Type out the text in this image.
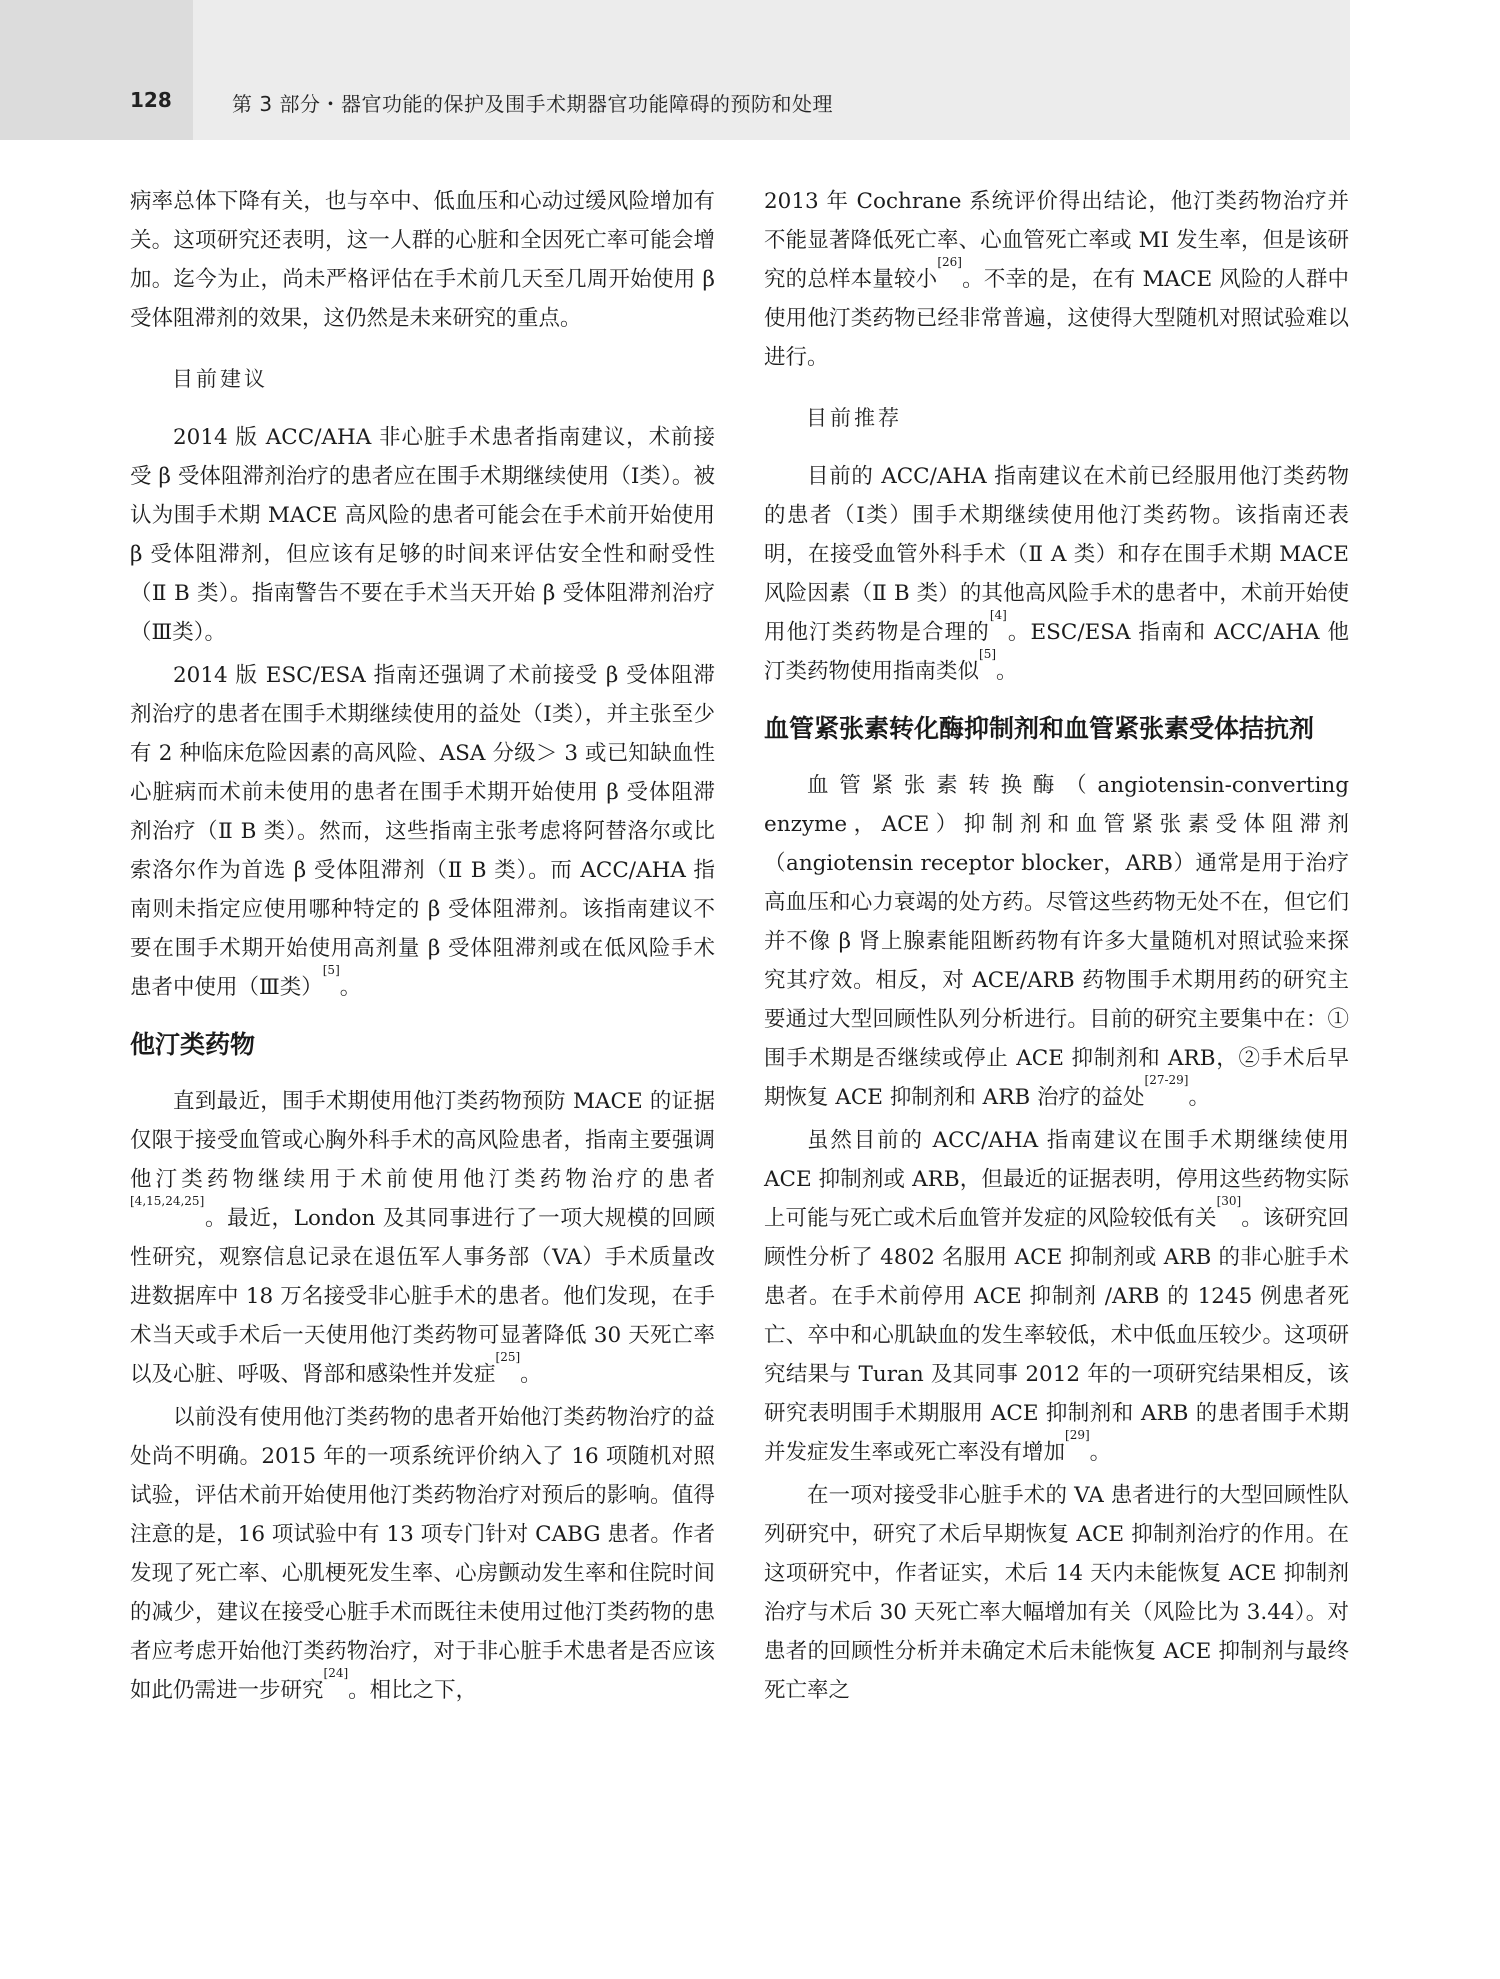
128	第 3 部分・器官功能的保护及围手术期器官功能障碍的预防和处理

病率总体下降有关，也与卒中、低血压和心动过缓风险增加有关。这项研究还表明，这一人群的心脏和全因死亡率可能会增加。迄今为止，尚未严格评估在手术前几天至几周开始使用 β 受体阻滞剂的效果，这仍然是未来研究的重点。

目前建议

2014 版 ACC/AHA 非心脏手术患者指南建议，术前接受 β 受体阻滞剂治疗的患者应在围手术期继续使用（Ⅰ类）。被认为围手术期 MACE 高风险的患者可能会在手术前开始使用 β 受体阻滞剂，但应该有足够的时间来评估安全性和耐受性（Ⅱ B 类）。指南警告不要在手术当天开始 β 受体阻滞剂治疗（Ⅲ类）。

2014 版 ESC/ESA 指南还强调了术前接受 β 受体阻滞剂治疗的患者在围手术期继续使用的益处（Ⅰ类），并主张至少有 2 种临床危险因素的高风险、ASA 分级＞ 3 或已知缺血性心脏病而术前未使用的患者在围手术期开始使用 β 受体阻滞剂治疗（Ⅱ B 类）。然而，这些指南主张考虑将阿替洛尔或比索洛尔作为首选 β 受体阻滞剂（Ⅱ B 类）。而 ACC/AHA 指南则未指定应使用哪种特定的 β 受体阻滞剂。该指南建议不要在围手术期开始使用高剂量 β 受体阻滞剂或在低风险手术患者中使用（Ⅲ类）[5]。

他汀类药物

直到最近，围手术期使用他汀类药物预防 MACE 的证据仅限于接受血管或心胸外科手术的高风险患者，指南主要强调他汀类药物继续用于术前使用他汀类药物治疗的患者[4,15,24,25]。最近，London 及其同事进行了一项大规模的回顾性研究，观察信息记录在退伍军人事务部（VA）手术质量改进数据库中 18 万名接受非心脏手术的患者。他们发现，在手术当天或手术后一天使用他汀类药物可显著降低 30 天死亡率以及心脏、呼吸、肾部和感染性并发症[25]。

以前没有使用他汀类药物的患者开始他汀类药物治疗的益处尚不明确。2015 年的一项系统评价纳入了 16 项随机对照试验，评估术前开始使用他汀类药物治疗对预后的影响。值得注意的是，16 项试验中有 13 项专门针对 CABG 患者。作者发现了死亡率、心肌梗死发生率、心房颤动发生率和住院时间的减少，建议在接受心脏手术而既往未使用过他汀类药物的患者应考虑开始他汀类药物治疗，对于非心脏手术患者是否应该如此仍需进一步研究[24]。相比之下，

2013 年 Cochrane 系统评价得出结论，他汀类药物治疗并不能显著降低死亡率、心血管死亡率或 MI 发生率，但是该研究的总样本量较小[26]。不幸的是，在有 MACE 风险的人群中使用他汀类药物已经非常普遍，这使得大型随机对照试验难以进行。

目前推荐

目前的 ACC/AHA 指南建议在术前已经服用他汀类药物的患者（Ⅰ类）围手术期继续使用他汀类药物。该指南还表明，在接受血管外科手术（Ⅱ A 类）和存在围手术期 MACE 风险因素（Ⅱ B 类）的其他高风险手术的患者中，术前开始使用他汀类药物是合理的[4]。ESC/ESA 指南和 ACC/AHA 他汀类药物使用指南类似[5]。

血管紧张素转化酶抑制剂和血管紧张素受体拮抗剂

血管紧张素转换酶（angiotensin-converting enzyme，ACE）抑制剂和血管紧张素受体阻滞剂（angiotensin receptor blocker，ARB）通常是用于治疗高血压和心力衰竭的处方药。尽管这些药物无处不在，但它们并不像 β 肾上腺素能阻断药物有许多大量随机对照试验来探究其疗效。相反，对 ACE/ARB 药物围手术期用药的研究主要通过大型回顾性队列分析进行。目前的研究主要集中在：①围手术期是否继续或停止 ACE 抑制剂和 ARB，②手术后早期恢复 ACE 抑制剂和 ARB 治疗的益处[27-29]。

虽然目前的 ACC/AHA 指南建议在围手术期继续使用 ACE 抑制剂或 ARB，但最近的证据表明，停用这些药物实际上可能与死亡或术后血管并发症的风险较低有关[30]。该研究回顾性分析了 4802 名服用 ACE 抑制剂或 ARB 的非心脏手术患者。在手术前停用 ACE 抑制剂 /ARB 的 1245 例患者死亡、卒中和心肌缺血的发生率较低，术中低血压较少。这项研究结果与 Turan 及其同事 2012 年的一项研究结果相反，该研究表明围手术期服用 ACE 抑制剂和 ARB 的患者围手术期并发症发生率或死亡率没有增加[29]。

在一项对接受非心脏手术的 VA 患者进行的大型回顾性队列研究中，研究了术后早期恢复 ACE 抑制剂治疗的作用。在这项研究中，作者证实，术后 14 天内未能恢复 ACE 抑制剂治疗与术后 30 天死亡率大幅增加有关（风险比为 3.44）。对患者的回顾性分析并未确定术后未能恢复 ACE 抑制剂与最终死亡率之
